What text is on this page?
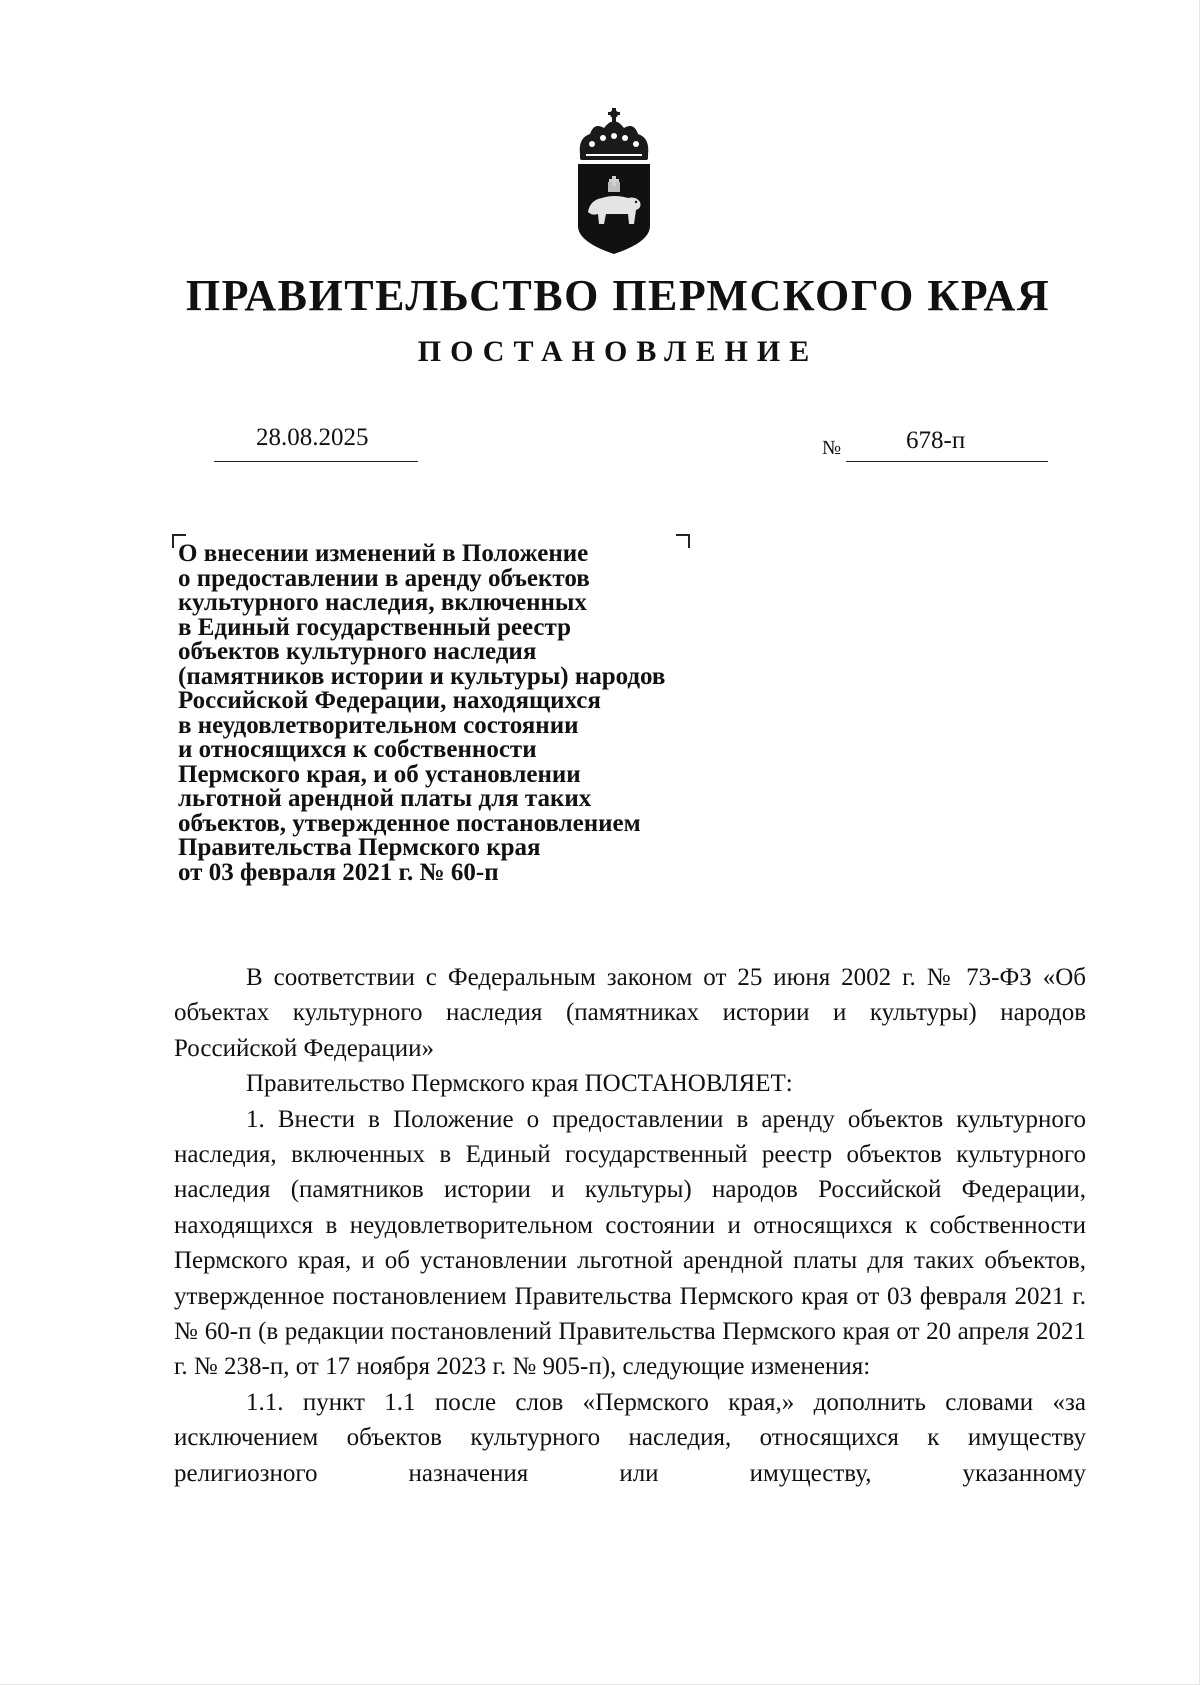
ПРАВИТЕЛЬСТВО ПЕРМСКОГО КРАЯ
ПОСТАНОВЛЕНИЕ
28.08.2025	№	678-п
О внесении изменений в Положение
о предоставлении в аренду объектов
культурного наследия, включенных
в Единый государственный реестр
объектов культурного наследия
(памятников истории и культуры) народов
Российской Федерации, находящихся
в неудовлетворительном состоянии
и относящихся к собственности
Пермского края, и об установлении
льготной арендной платы для таких
объектов, утвержденное постановлением
Правительства Пермского края
от 03 февраля 2021 г. № 60-п

В соответствии с Федеральным законом от 25 июня 2002 г. № 73-ФЗ «Об объектах культурного наследия (памятниках истории и культуры) народов Российской Федерации»

Правительство Пермского края ПОСТАНОВЛЯЕТ:

1. Внести в Положение о предоставлении в аренду объектов культурного наследия, включенных в Единый государственный реестр объектов культурного наследия (памятников истории и культуры) народов Российской Федерации, находящихся в неудовлетворительном состоянии и относящихся к собственности Пермского края, и об установлении льготной арендной платы для таких объектов, утвержденное постановлением Правительства Пермского края от 03 февраля 2021 г. № 60-п (в редакции постановлений Правительства Пермского края от 20 апреля 2021 г. № 238-п, от 17 ноября 2023 г. № 905-п), следующие изменения:

1.1. пункт 1.1 после слов «Пермского края,» дополнить словами «за исключением объектов культурного наследия, относящихся к имуществу религиозного назначения или имуществу, указанному
